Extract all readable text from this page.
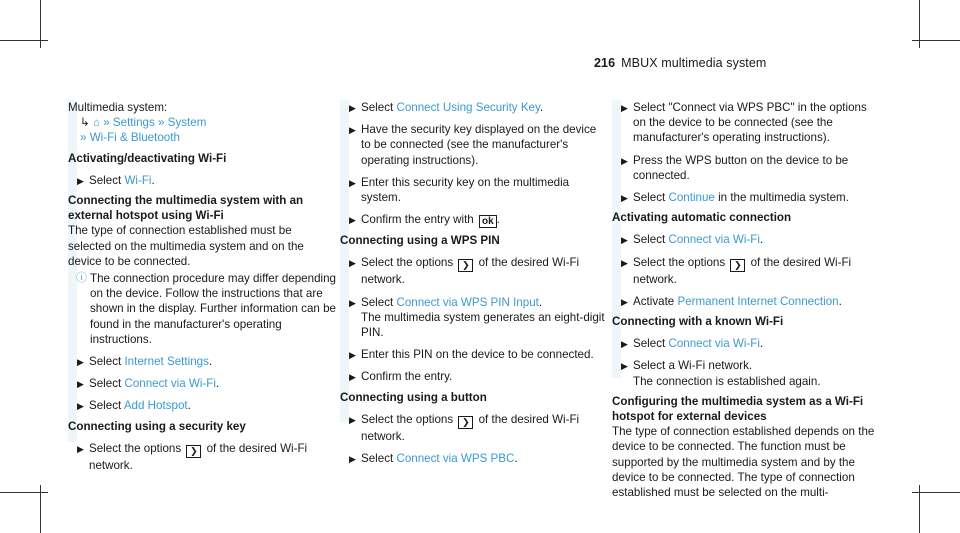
216 MBUX multimedia system

Multimedia system:

↳ ⌂ » Settings » System

» Wi-Fi & Bluetooth

Activating/deactivating Wi-Fi

▶ Select Wi-Fi.

Connecting the multimedia system with an external hotspot using Wi-Fi

The type of connection established must be selected on the multimedia system and on the device to be connected.

ⓘ The connection procedure may differ depending on the device. Follow the instructions that are shown in the display. Further information can be found in the manufacturer's operating instructions.
▶ Select Internet Settings.
▶ Select Connect via Wi-Fi.
▶ Select Add Hotspot.

Connecting using a security key

▶ Select the options ❯ of the desired Wi-Fi network.
▶ Select Connect Using Security Key.
▶ Have the security key displayed on the device to be connected (see the manufacturer's operating instructions).
▶ Enter this security key on the multimedia system.
▶ Confirm the entry with ok .

Connecting using a WPS PIN

▶ Select the options ❯ of the desired Wi-Fi network.
▶ Select Connect via WPS PIN Input.
The multimedia system generates an eight-digit PIN.
▶ Enter this PIN on the device to be connected.
▶ Confirm the entry.

Connecting using a button

▶ Select the options ❯ of the desired Wi-Fi network.
▶ Select Connect via WPS PBC.
▶ Select "Connect via WPS PBC" in the options on the device to be connected (see the manufacturer's operating instructions).
▶ Press the WPS button on the device to be connected.
▶ Select Continue in the multimedia system.

Activating automatic connection

▶ Select Connect via Wi-Fi.
▶ Select the options ❯ of the desired Wi-Fi network.
▶ Activate Permanent Internet Connection.

Connecting with a known Wi-Fi

▶ Select Connect via Wi-Fi.
▶ Select a Wi-Fi network.
The connection is established again.

Configuring the multimedia system as a Wi-Fi hotspot for external devices

The type of connection established depends on the device to be connected. The function must be supported by the multimedia system and by the device to be connected. The type of connection established must be selected on the multi-
